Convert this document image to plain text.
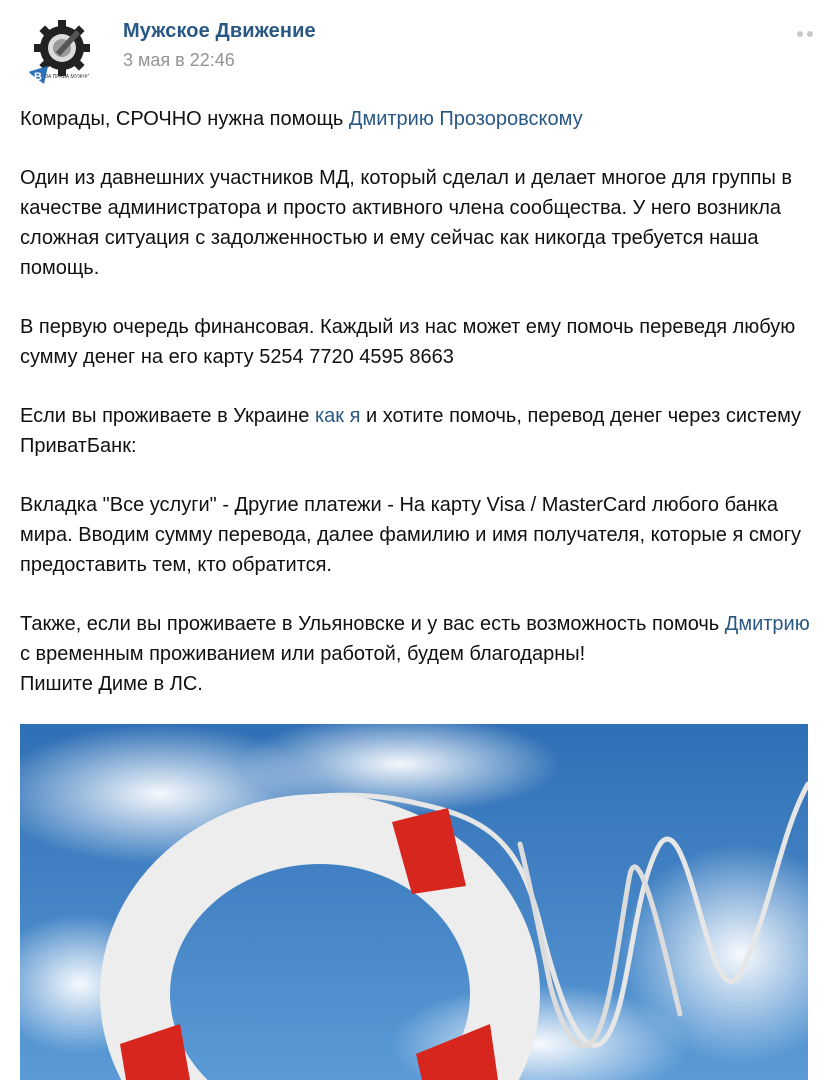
В ЗА ПРАВА МУЖЧИН
Мужское Движение
3 мая в 22:46

Комрады, СРОЧНО нужна помощь Дмитрию Прозоровскому

Один из давнешних участников МД, который сделал и делает многое для группы в качестве администратора и просто активного члена сообщества. У него возникла сложная ситуация с задолженностью и ему сейчас как никогда требуется наша помощь.

В первую очередь финансовая. Каждый из нас может ему помочь переведя любую сумму денег на его карту 5254 7720 4595 8663

Если вы проживаете в Украине как я и хотите помочь, перевод денег через систему ПриватБанк:

Вкладка "Все услуги" - Другие платежи - На карту Visa / MasterCard любого банка мира. Вводим сумму перевода, далее фамилию и имя получателя, которые я смогу предоставить тем, кто обратится.

Также, если вы проживаете в Ульяновске и у вас есть возможность помочь Дмитрию с временным проживанием или работой, будем благодарны!
Пишите Диме в ЛС.
